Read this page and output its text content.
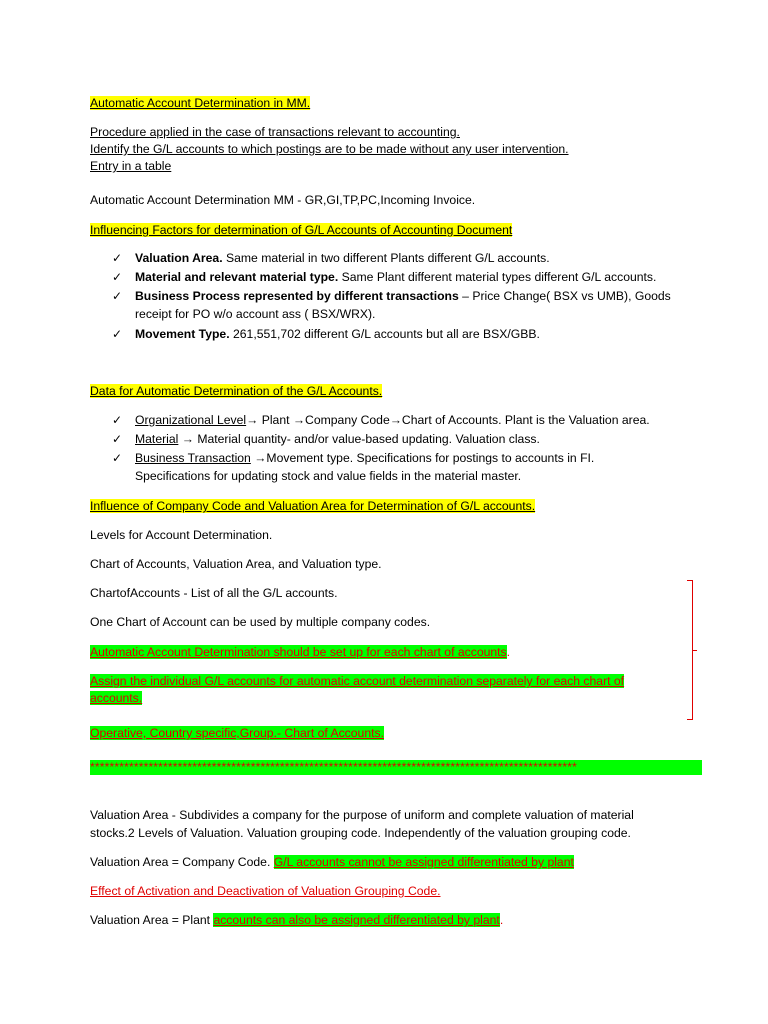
Automatic Account Determination in MM.
Procedure applied in the case of transactions relevant to accounting.
Identify the G/L accounts to which postings are to be made without any user intervention.
Entry in a table
Automatic Account Determination MM - GR,GI,TP,PC,Incoming Invoice.
Influencing Factors for determination of G/L Accounts of Accounting Document
✓ Valuation Area. Same material in two different Plants different G/L accounts.
✓ Material and relevant material type. Same Plant different material types different G/L accounts.
✓ Business Process represented by different transactions – Price Change( BSX vs UMB), Goods
receipt for PO w/o account ass ( BSX/WRX).
✓ Movement Type. 261,551,702 different G/L accounts but all are BSX/GBB.
Data for Automatic Determination of the G/L Accounts.
✓ Organizational Level→ Plant →Company Code→Chart of Accounts. Plant is the Valuation area.
✓ Material → Material quantity- and/or value-based updating. Valuation class.
✓ Business Transaction →Movement type. Specifications for postings to accounts in FI.
Specifications for updating stock and value fields in the material master.
Influence of Company Code and Valuation Area for Determination of G/L accounts.
Levels for Account Determination.
Chart of Accounts, Valuation Area, and Valuation type.
ChartofAccounts - List of all the G/L accounts.
One Chart of Account can be used by multiple company codes.
Automatic Account Determination should be set up for each chart of accounts.
Assign the individual G/L accounts for automatic account determination separately for each chart of
accounts.
Operative, Country specific,Group.- Chart of Accounts.
****************************************************************************************************
Valuation Area - Subdivides a company for the purpose of uniform and complete valuation of material
stocks.2 Levels of Valuation. Valuation grouping code. Independently of the valuation grouping code.
Valuation Area = Company Code. G/L accounts cannot be assigned differentiated by plant
Effect of Activation and Deactivation of Valuation Grouping Code.
Valuation Area = Plant accounts can also be assigned differentiated by plant.
